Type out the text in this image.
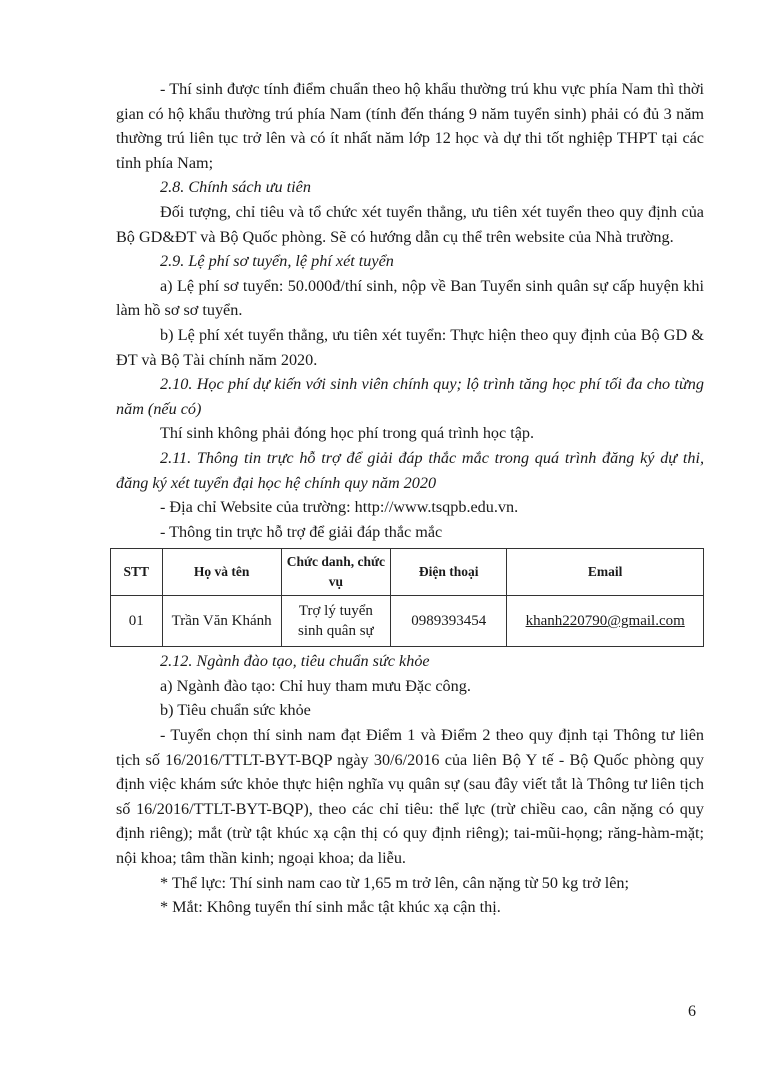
- Thí sinh được tính điểm chuẩn theo hộ khẩu thường trú khu vực phía Nam thì thời gian có hộ khẩu thường trú phía Nam (tính đến tháng 9 năm tuyển sinh) phải có đủ 3 năm thường trú liên tục trở lên và có ít nhất năm lớp 12 học và dự thi tốt nghiệp THPT tại các tỉnh phía Nam;

2.8. Chính sách ưu tiên

Đối tượng, chỉ tiêu và tổ chức xét tuyển thẳng, ưu tiên xét tuyển theo quy định của Bộ GD&ĐT và Bộ Quốc phòng. Sẽ có hướng dẫn cụ thể trên website của Nhà trường.

2.9. Lệ phí sơ tuyển, lệ phí xét tuyển

a) Lệ phí sơ tuyển: 50.000đ/thí sinh, nộp về Ban Tuyển sinh quân sự cấp huyện khi làm hồ sơ sơ tuyển.

b) Lệ phí xét tuyển thẳng, ưu tiên xét tuyển: Thực hiện theo quy định của Bộ GD & ĐT và Bộ Tài chính năm 2020.

2.10. Học phí dự kiến với sinh viên chính quy; lộ trình tăng học phí tối đa cho từng năm (nếu có)

Thí sinh không phải đóng học phí trong quá trình học tập.

2.11. Thông tin trực hỗ trợ để giải đáp thắc mắc trong quá trình đăng ký dự thi, đăng ký xét tuyển đại học hệ chính quy năm 2020

- Địa chỉ Website của trường: http://www.tsqpb.edu.vn.

- Thông tin trực hỗ trợ để giải đáp thắc mắc

STT	Họ và tên	Chức danh, chức vụ	Điện thoại	Email
01	Trần Văn Khánh	Trợ lý tuyển sinh quân sự	0989393454	khanh220790@gmail.com

2.12. Ngành đào tạo, tiêu chuẩn sức khỏe

a) Ngành đào tạo: Chỉ huy tham mưu Đặc công.

b) Tiêu chuẩn sức khỏe

- Tuyển chọn thí sinh nam đạt Điểm 1 và Điểm 2 theo quy định tại Thông tư liên tịch số 16/2016/TTLT-BYT-BQP ngày 30/6/2016 của liên Bộ Y tế - Bộ Quốc phòng quy định việc khám sức khỏe thực hiện nghĩa vụ quân sự (sau đây viết tắt là Thông tư liên tịch số 16/2016/TTLT-BYT-BQP), theo các chỉ tiêu: thể lực (trừ chiều cao, cân nặng có quy định riêng); mắt (trừ tật khúc xạ cận thị có quy định riêng); tai-mũi-họng; răng-hàm-mặt; nội khoa; tâm thần kinh; ngoại khoa; da liễu.

* Thể lực: Thí sinh nam cao từ 1,65 m trở lên, cân nặng từ 50 kg trở lên;

* Mắt: Không tuyển thí sinh mắc tật khúc xạ cận thị.

6
